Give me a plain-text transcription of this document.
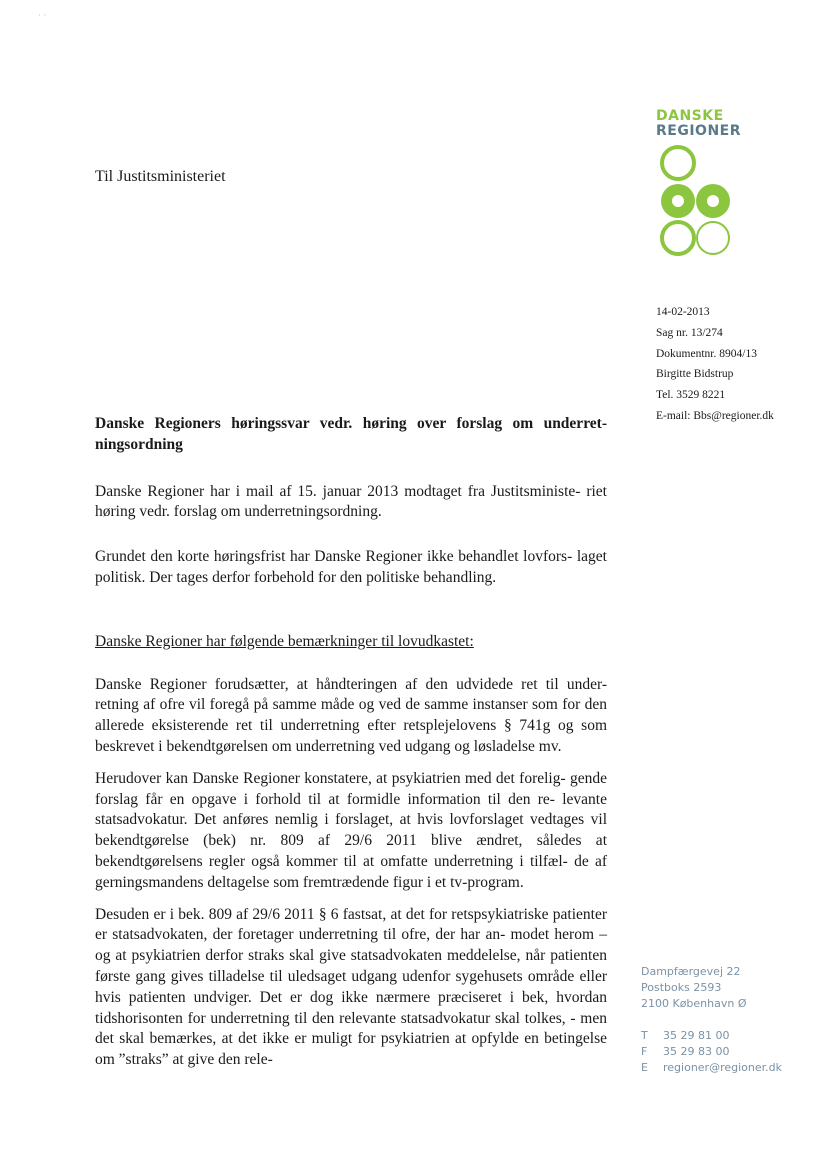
DANSKE
REGIONER
· ·
Til Justitsministeriet
14-02-2013
Sag nr. 13/274
Dokumentnr. 8904/13
Birgitte Bidstrup
Tel. 3529 8221
E-mail: Bbs@regioner.dk

Danske Regioners høringssvar vedr. høring over forslag om underret- ningsordning

Danske Regioner har i mail af 15. januar 2013 modtaget fra Justitsministe- riet høring vedr. forslag om underretningsordning.

Grundet den korte høringsfrist har Danske Regioner ikke behandlet lovfors- laget politisk. Der tages derfor forbehold for den politiske behandling.

Danske Regioner har følgende bemærkninger til lovudkastet:

Danske Regioner forudsætter, at håndteringen af den udvidede ret til under- retning af ofre vil foregå på samme måde og ved de samme instanser som for den allerede eksisterende ret til underretning efter retsplejelovens § 741g og som beskrevet i bekendtgørelsen om underretning ved udgang og løsladelse mv.

Herudover kan Danske Regioner konstatere, at psykiatrien med det forelig- gende forslag får en opgave i forhold til at formidle information til den re- levante statsadvokatur. Det anføres nemlig i forslaget, at hvis lovforslaget vedtages vil bekendtgørelse (bek) nr. 809 af 29/6 2011 blive ændret, således at bekendtgørelsens regler også kommer til at omfatte underretning i tilfæl- de af gerningsmandens deltagelse som fremtrædende figur i et tv-program.

Desuden er i bek. 809 af 29/6 2011 § 6 fastsat, at det for retspsykiatriske patienter er statsadvokaten, der foretager underretning til ofre, der har an- modet herom – og at psykiatrien derfor straks skal give statsadvokaten meddelelse, når patienten første gang gives tilladelse til uledsaget udgang udenfor sygehusets område eller hvis patienten undviger. Det er dog ikke nærmere præciseret i bek, hvordan tidshorisonten for underretning til den relevante statsadvokatur skal tolkes, - men det skal bemærkes, at det ikke er muligt for psykiatrien at opfylde en betingelse om ”straks” at give den rele-

Dampfærgevej 22
Postboks 2593
2100 København Ø
T	35 29 81 00
F	35 29 83 00
E	regioner@regioner.dk
